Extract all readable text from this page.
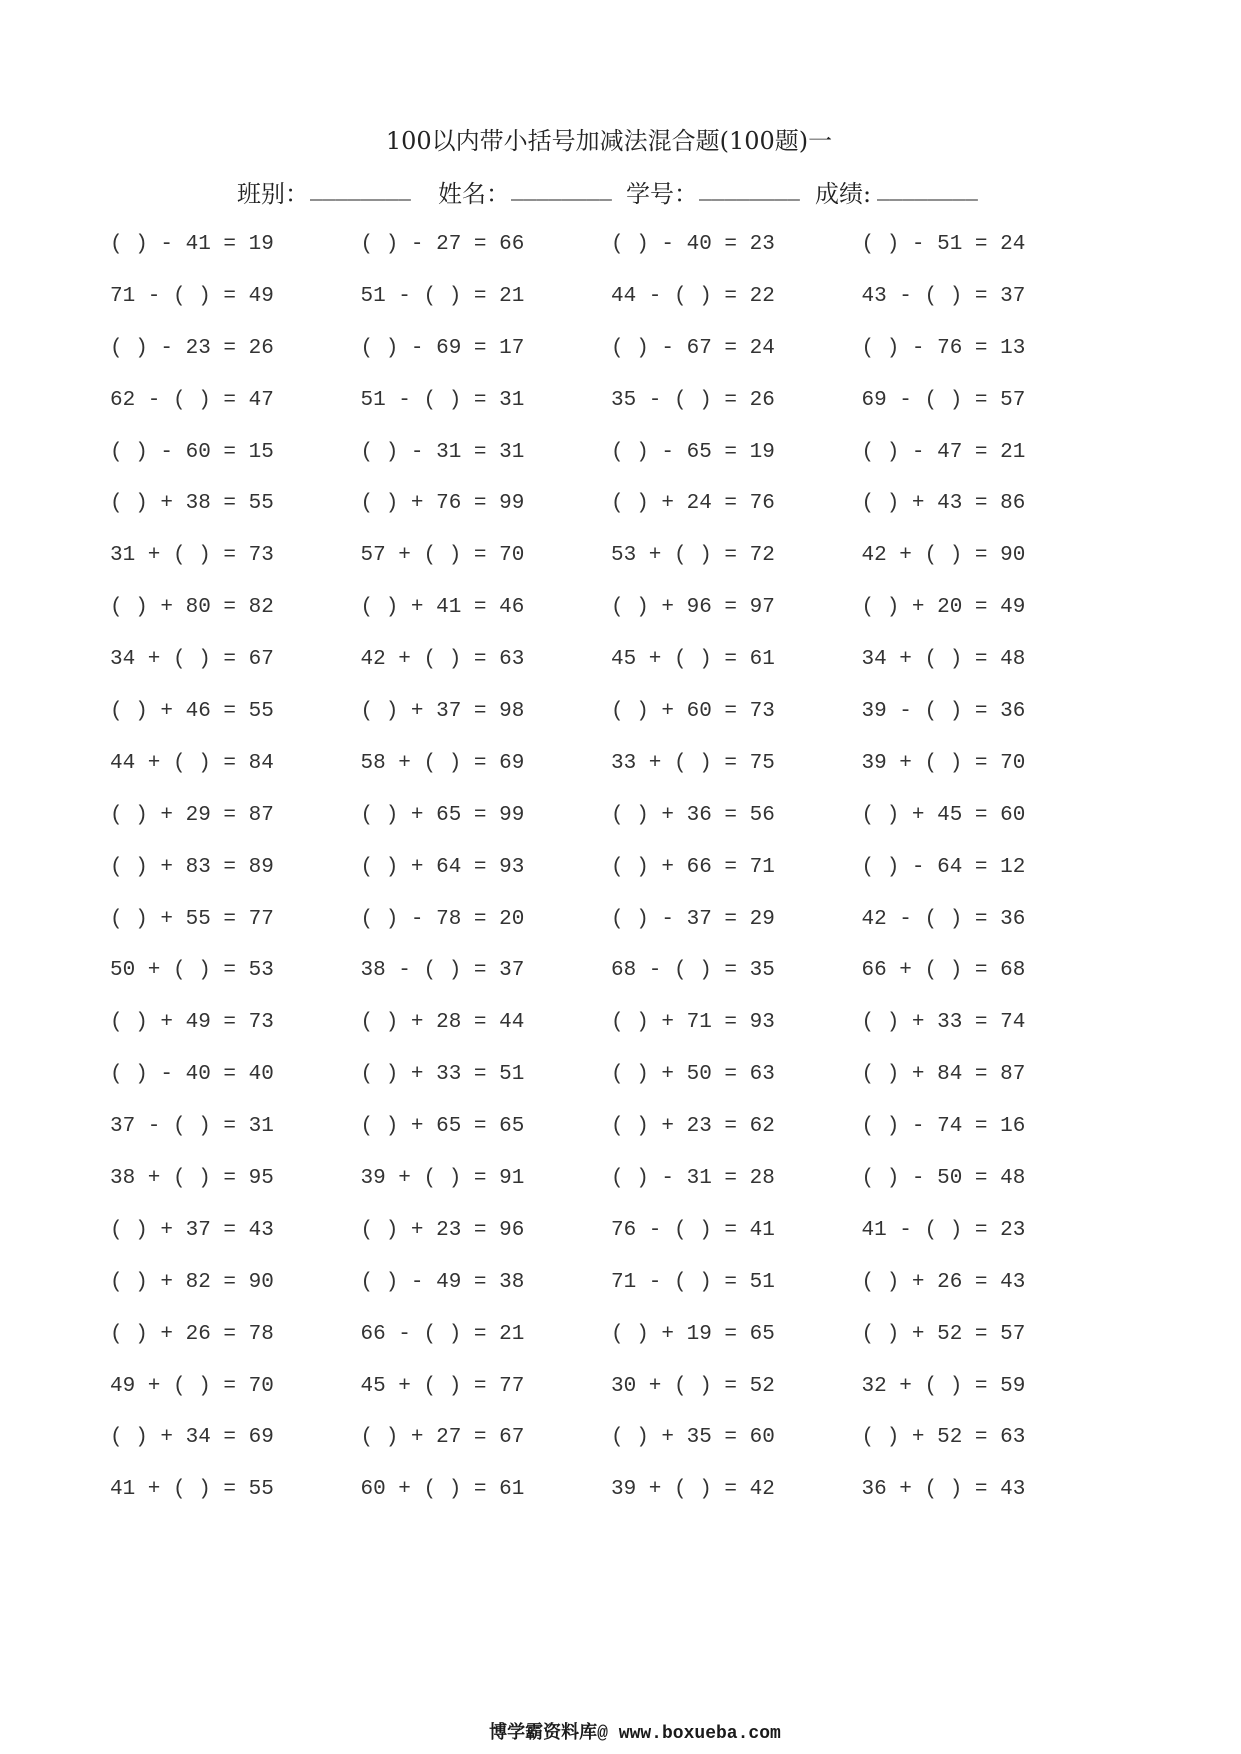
100以内带小括号加减法混合题(100题)一
班别： ________ 姓名： ________ 学号： ________ 成绩: ________
( ) - 41 = 19	( ) - 27 = 66	( ) - 40 = 23	( ) - 51 = 24
71 - ( ) = 49	51 - ( ) = 21	44 - ( ) = 22	43 - ( ) = 37
( ) - 23 = 26	( ) - 69 = 17	( ) - 67 = 24	( ) - 76 = 13
62 - ( ) = 47	51 - ( ) = 31	35 - ( ) = 26	69 - ( ) = 57
( ) - 60 = 15	( ) - 31 = 31	( ) - 65 = 19	( ) - 47 = 21
( ) + 38 = 55	( ) + 76 = 99	( ) + 24 = 76	( ) + 43 = 86
31 + ( ) = 73	57 + ( ) = 70	53 + ( ) = 72	42 + ( ) = 90
( ) + 80 = 82	( ) + 41 = 46	( ) + 96 = 97	( ) + 20 = 49
34 + ( ) = 67	42 + ( ) = 63	45 + ( ) = 61	34 + ( ) = 48
( ) + 46 = 55	( ) + 37 = 98	( ) + 60 = 73	39 - ( ) = 36
44 + ( ) = 84	58 + ( ) = 69	33 + ( ) = 75	39 + ( ) = 70
( ) + 29 = 87	( ) + 65 = 99	( ) + 36 = 56	( ) + 45 = 60
( ) + 83 = 89	( ) + 64 = 93	( ) + 66 = 71	( ) - 64 = 12
( ) + 55 = 77	( ) - 78 = 20	( ) - 37 = 29	42 - ( ) = 36
50 + ( ) = 53	38 - ( ) = 37	68 - ( ) = 35	66 + ( ) = 68
( ) + 49 = 73	( ) + 28 = 44	( ) + 71 = 93	( ) + 33 = 74
( ) - 40 = 40	( ) + 33 = 51	( ) + 50 = 63	( ) + 84 = 87
37 - ( ) = 31	( ) + 65 = 65	( ) + 23 = 62	( ) - 74 = 16
38 + ( ) = 95	39 + ( ) = 91	( ) - 31 = 28	( ) - 50 = 48
( ) + 37 = 43	( ) + 23 = 96	76 - ( ) = 41	41 - ( ) = 23
( ) + 82 = 90	( ) - 49 = 38	71 - ( ) = 51	( ) + 26 = 43
( ) + 26 = 78	66 - ( ) = 21	( ) + 19 = 65	( ) + 52 = 57
49 + ( ) = 70	45 + ( ) = 77	30 + ( ) = 52	32 + ( ) = 59
( ) + 34 = 69	( ) + 27 = 67	( ) + 35 = 60	( ) + 52 = 63
41 + ( ) = 55	60 + ( ) = 61	39 + ( ) = 42	36 + ( ) = 43
博学霸资料库@ www.boxueba.com
